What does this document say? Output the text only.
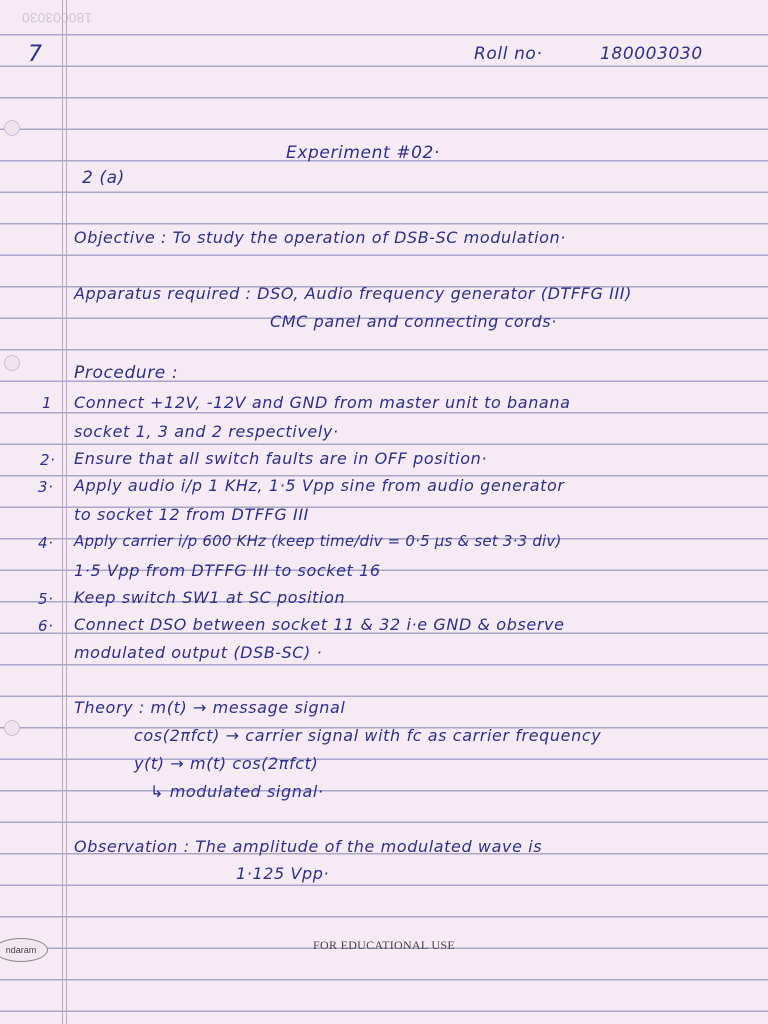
180003030
7	Roll no·	180003030
Experiment #02·
2 (a)
Objective : To study the operation of DSB-SC modulation·
Apparatus required : DSO, Audio frequency generator (DTFFG III)
CMC panel and connecting cords·
Procedure :
1 Connect +12V, -12V and GND from master unit to banana
socket 1, 3 and 2 respectively·
2· Ensure that all switch faults are in OFF position·
3· Apply audio i/p 1 KHz, 1·5 Vpp sine from audio generator
to socket 12 from DTFFG III
4· Apply carrier i/p 600 KHz (keep time/div = 0·5 μs & set 3·3 div)
1·5 Vpp from DTFFG III to socket 16
5· Keep switch SW1 at SC position
6· Connect DSO between socket 11 & 32 i·e GND & observe
modulated output (DSB-SC) ·
Theory : m(t) → message signal
cos(2πfct) → carrier signal with fc as carrier frequency
y(t) → m(t) cos(2πfct)
↳ modulated signal·
Observation : The amplitude of the modulated wave is
1·125 Vpp·
ndaram	FOR EDUCATIONAL USE
